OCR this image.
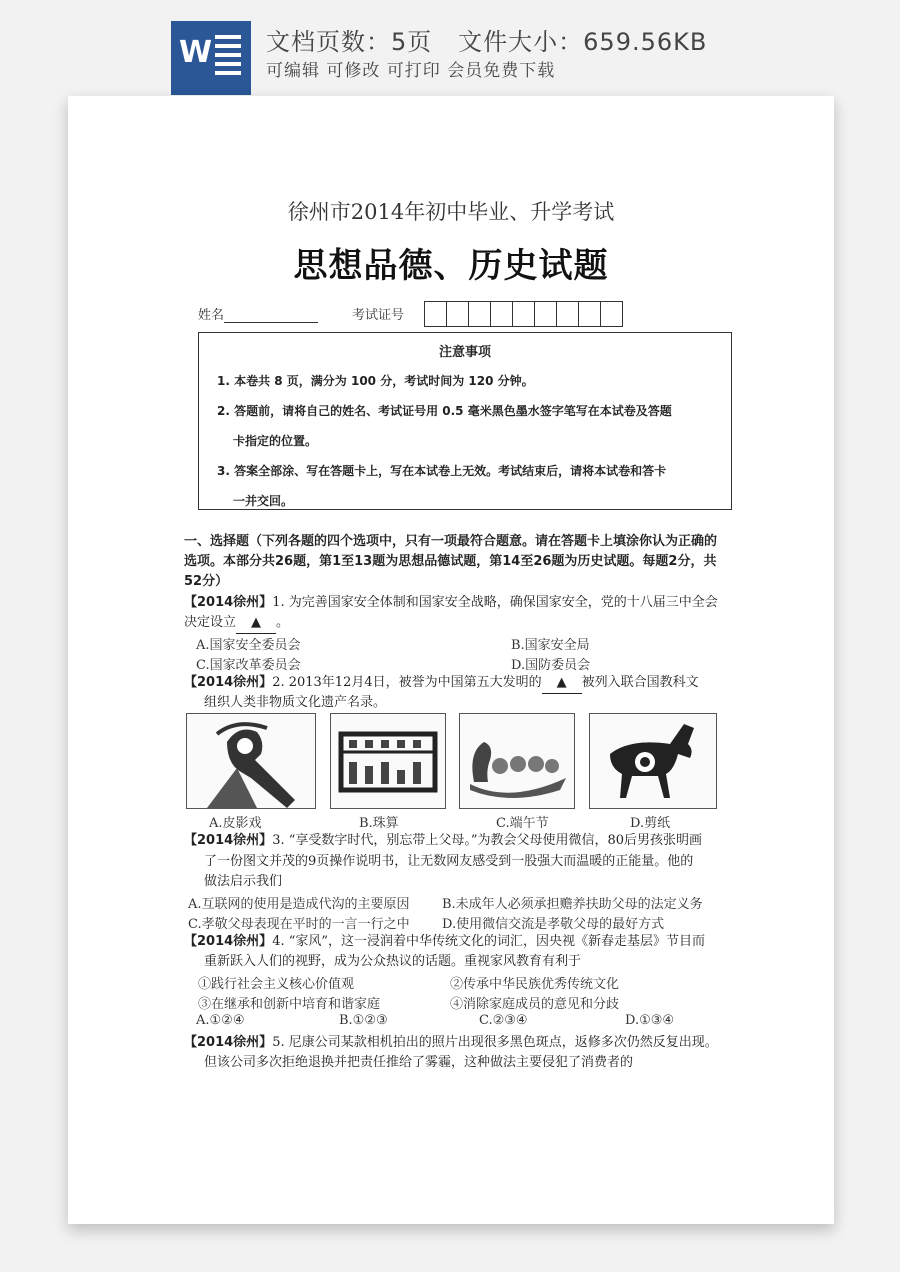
W 文档页数：5页   文件大小：659.56KB
可编辑 可修改 可打印 会员免费下载
徐州市2014年初中毕业、升学考试
思想品德、历史试题
姓名	考试证号
注意事项
1. 本卷共 8 页，满分为 100 分，考试时间为 120 分钟。
2. 答题前，请将自己的姓名、考试证号用 0.5 毫米黑色墨水签字笔写在本试卷及答题
卡指定的位置。
3. 答案全部涂、写在答题卡上，写在本试卷上无效。考试结束后，请将本试卷和答卡
一并交回。
一、选择题（下列各题的四个选项中，只有一项最符合题意。请在答题卡上填涂你认为正确的选项。本部分共26题，第1至13题为思想品德试题，第14至26题为历史试题。每题2分，共52分）
【2014徐州】1. 为完善国家安全体制和国家安全战略，确保国家安全，党的十八届三中全会
决定设立 ▲ 。
A.国家安全委员会	B.国家安全局
C.国家改革委员会	D.国防委员会
【2014徐州】2. 2013年12月4日，被誉为中国第五大发明的 ▲ 被列入联合国教科文
组织人类非物质文化遗产名录。
A.皮影戏	B.珠算	C.端午节	D.剪纸
【2014徐州】3. “享受数字时代，别忘带上父母。”为教会父母使用微信，80后男孩张明画
了一份图文并茂的9页操作说明书，让无数网友感受到一股强大而温暖的正能量。他的
做法启示我们
A.互联网的使用是造成代沟的主要原因 B.未成年人必须承担赡养扶助父母的法定义务
C.孝敬父母表现在平时的一言一行之中 D.使用微信交流是孝敬父母的最好方式
【2014徐州】4. “家风”，这一浸润着中华传统文化的词汇，因央视《新春走基层》节目而
重新跃入人们的视野，成为公众热议的话题。重视家风教育有利于
①践行社会主义核心价值观	②传承中华民族优秀传统文化
③在继承和创新中培育和谐家庭	④消除家庭成员的意见和分歧
A.①②④	B.①②③	C.②③④	D.①③④
【2014徐州】5. 尼康公司某款相机拍出的照片出现很多黑色斑点，返修多次仍然反复出现。
但该公司多次拒绝退换并把责任推给了雾霾，这种做法主要侵犯了消费者的
